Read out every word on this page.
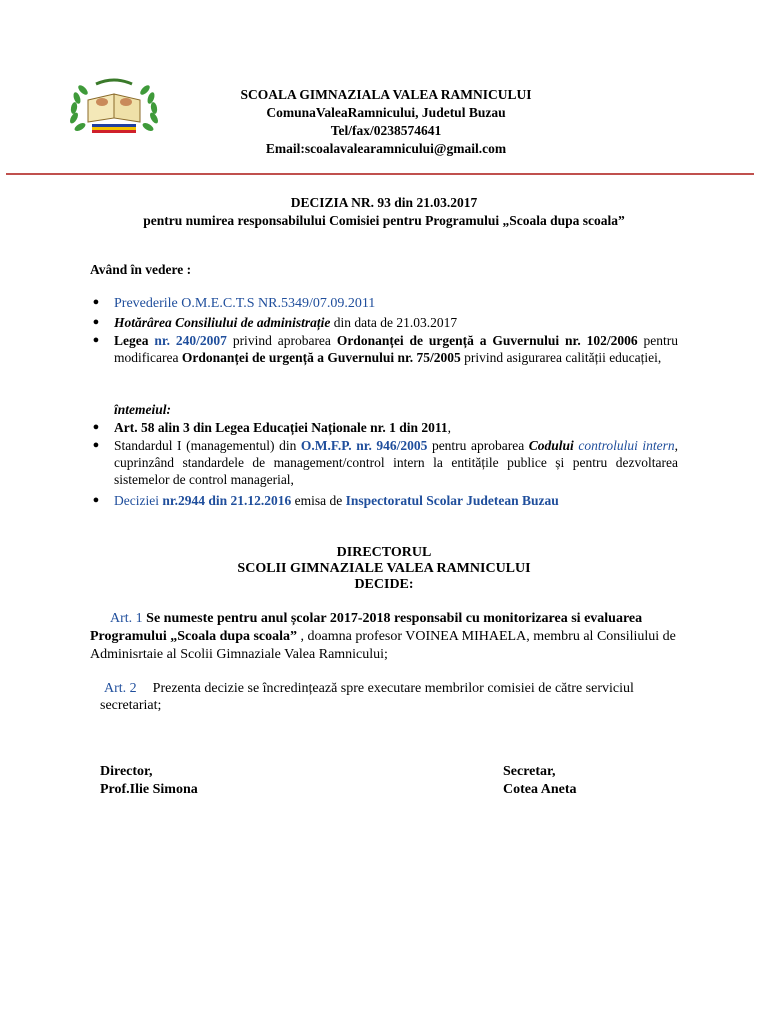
SCOALA GIMNAZIALA VALEA RAMNICULUI
ComunaValeaRamnicului, Judetul Buzau
Tel/fax/0238574641
Email:scoalavalearamnicului@gmail.com
DECIZIA NR. 93 din 21.03.2017
pentru numirea responsabilului Comisiei pentru Programului „Scoala dupa scoala”
Având în vedere :
● Prevederile O.M.E.C.T.S NR.5349/07.09.2011
● Hotărârea Consiliului de administrație din data de 21.03.2017
● Legea nr. 240/2007 privind aprobarea Ordonanței de urgență a Guvernului nr. 102/2006 pentru modificarea Ordonanței de urgență a Guvernului nr. 75/2005 privind asigurarea calității educației,
întemeiul:
● Art. 58 alin 3 din Legea Educației Naționale nr. 1 din 2011,
● Standardul I (managementul) din O.M.F.P. nr. 946/2005 pentru aprobarea Codului controlului intern, cuprinzând standardele de management/control intern la entitățile publice și pentru dezvoltarea sistemelor de control managerial,
● Deciziei nr.2944 din 21.12.2016 emisa de Inspectoratul Scolar Judetean Buzau
DIRECTORUL
SCOLII GIMNAZIALE VALEA RAMNICULUI
DECIDE:
Art. 1 Se numeste pentru anul școlar 2017-2018 responsabil cu monitorizarea si evaluarea Programului „Scoala dupa scoala” , doamna profesor VOINEA MIHAELA, membru al Consiliului de Adminisrtaie al Scolii Gimnaziale Valea Ramnicului;
Art. 2 Prezenta decizie se încredințează spre executare membrilor comisiei de către serviciul secretariat;
Director,
Prof.Ilie Simona
Secretar,
Cotea Aneta
